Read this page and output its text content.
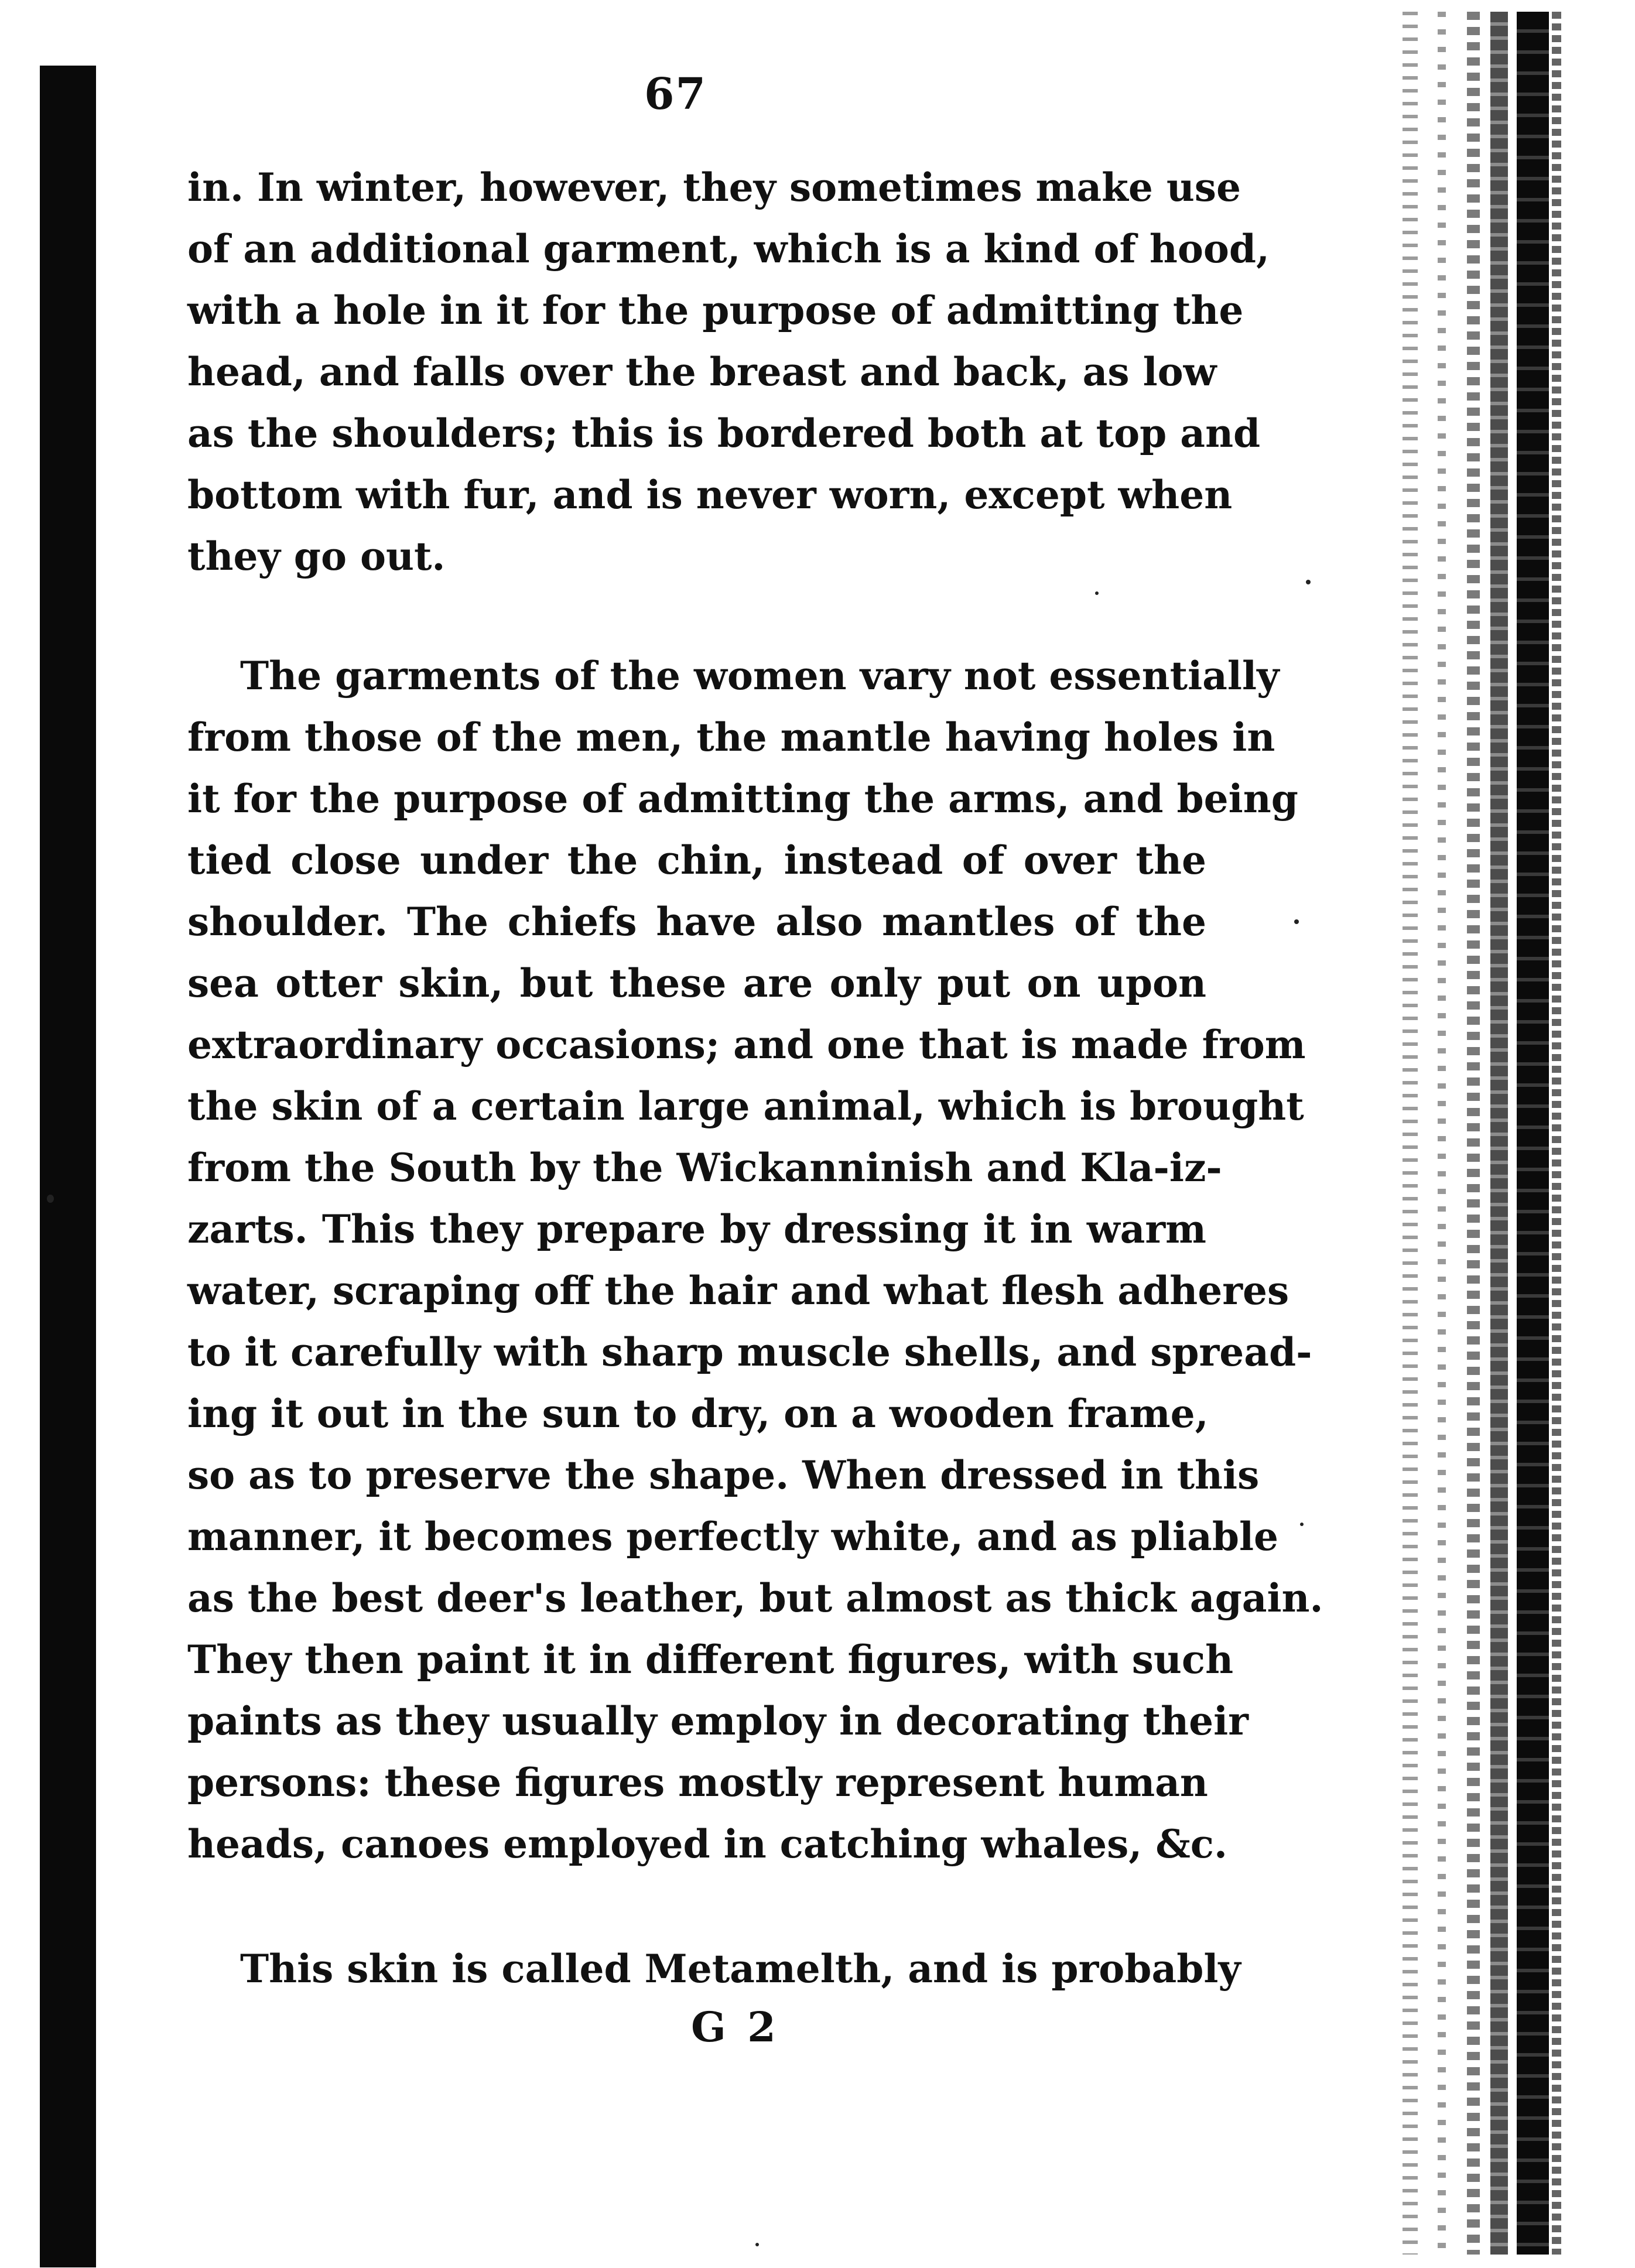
67
in. In winter, however, they sometimes make use
of an additional garment, which is a kind of hood,
with a hole in it for the purpose of admitting the
head, and falls over the breast and back, as low
as the shoulders; this is bordered both at top and
bottom with fur, and is never worn, except when
they go out.
The garments of the women vary not essentially
from those of the men, the mantle having holes in
it for the purpose of admitting the arms, and being
tied close under the chin, instead of over the
shoulder. The chiefs have also mantles of the
sea otter skin, but these are only put on upon
extraordinary occasions; and one that is made from
the skin of a certain large animal, which is brought
from the South by the Wickanninish and Kla-iz-
zarts. This they prepare by dressing it in warm
water, scraping off the hair and what flesh adheres
to it carefully with sharp muscle shells, and spread-
ing it out in the sun to dry, on a wooden frame,
so as to preserve the shape. When dressed in this
manner, it becomes perfectly white, and as pliable
as the best deer's leather, but almost as thick again.
They then paint it in different figures, with such
paints as they usually employ in decorating their
persons: these figures mostly represent human
heads, canoes employed in catching whales, &c.
This skin is called Metamelth, and is probably
G 2
